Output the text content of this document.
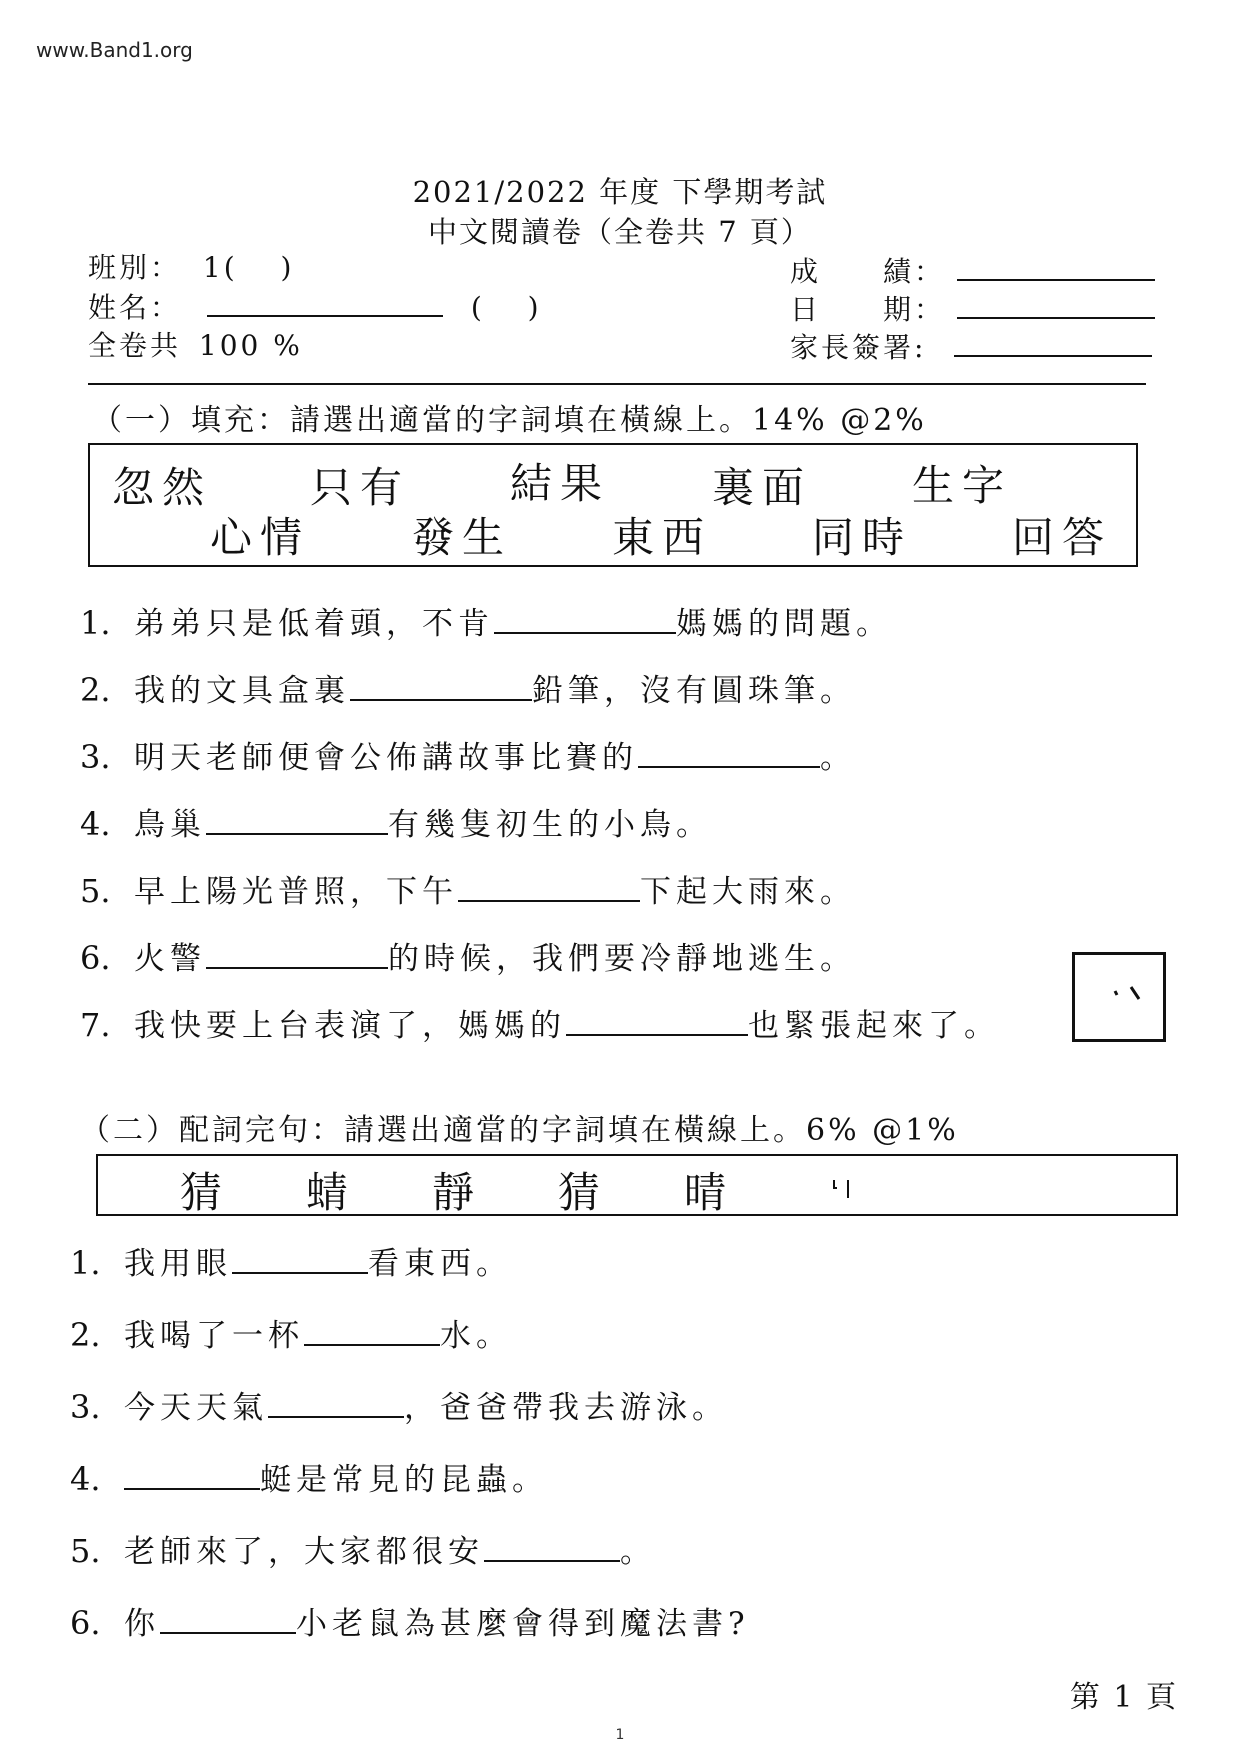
www.Band1.org
2021/2022 年度 下學期考試
中文閱讀卷（全卷共 7 頁）
班別： 1(　 )
姓名：	(　 )
全卷共 100 %
成　　績：
日　　期：
家長簽署:
（一）填充：請選出適當的字詞填在橫線上。14% @2%
忽然 只有 結果 裏面 生字
心情 發生 東西 同時 回答
1. 弟弟只是低着頭，不肯	媽媽的問題。
2. 我的文具盒裏	鉛筆，沒有圓珠筆。
3. 明天老師便會公佈講故事比賽的	。
4. 鳥巢	有幾隻初生的小鳥。
5. 早上陽光普照，下午	下起大雨來。
6. 火警	的時候，我們要冷靜地逃生。
7. 我快要上台表演了，媽媽的	也緊張起來了。
（二）配詞完句：請選出適當的字詞填在橫線上。6% @1%
猜 蜻 靜 猜 晴
1. 我用眼	看東西。
2. 我喝了一杯	水。
3. 今天天氣	，爸爸帶我去游泳。
4.	蜓是常見的昆蟲。
5. 老師來了，大家都很安	。
6. 你	小老鼠為甚麼會得到魔法書?
第 1 頁
1
